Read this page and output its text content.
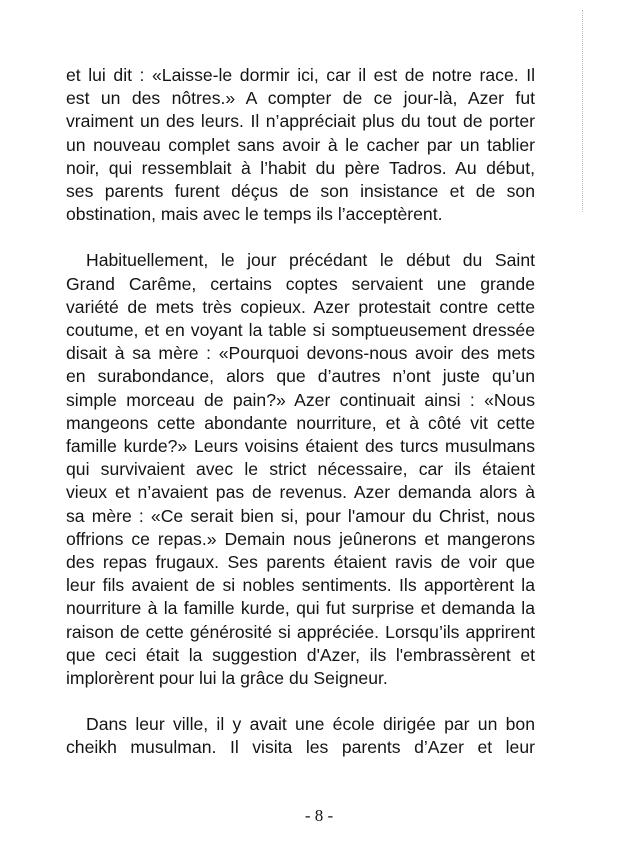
et lui dit : «Laisse-le dormir ici, car il est de notre race. Il
est un des nôtres.» A compter de ce jour-là, Azer fut
vraiment un des leurs. Il n’appréciait plus du tout de porter
un nouveau complet sans avoir à le cacher par un tablier
noir, qui ressemblait à l’habit du père Tadros. Au début,
ses parents furent déçus de son insistance et de son
obstination, mais avec le temps ils l’acceptèrent.
Habituellement, le jour précédant le début du Saint
Grand Carême, certains coptes servaient une grande
variété de mets très copieux. Azer protestait contre cette
coutume, et en voyant la table si somptueusement dressée
disait à sa mère : «Pourquoi devons-nous avoir des mets
en surabondance, alors que d’autres n’ont juste qu’un
simple morceau de pain?» Azer continuait ainsi : «Nous
mangeons cette abondante nourriture, et à côté vit cette
famille kurde?» Leurs voisins étaient des turcs musulmans
qui survivaient avec le strict nécessaire, car ils étaient
vieux et n’avaient pas de revenus. Azer demanda alors à
sa mère : «Ce serait bien si, pour l'amour du Christ, nous
offrions ce repas.» Demain nous jeûnerons et mangerons
des repas frugaux. Ses parents étaient ravis de voir que
leur fils avaient de si nobles sentiments. Ils apportèrent la
nourriture à la famille kurde, qui fut surprise et demanda la
raison de cette générosité si appréciée. Lorsqu’ils apprirent
que ceci était la suggestion d'Azer, ils l'embrassèrent et
implorèrent pour lui la grâce du Seigneur.
Dans leur ville, il y avait une école dirigée par un bon
cheikh musulman. Il visita les parents d’Azer et leur
- 8 -
